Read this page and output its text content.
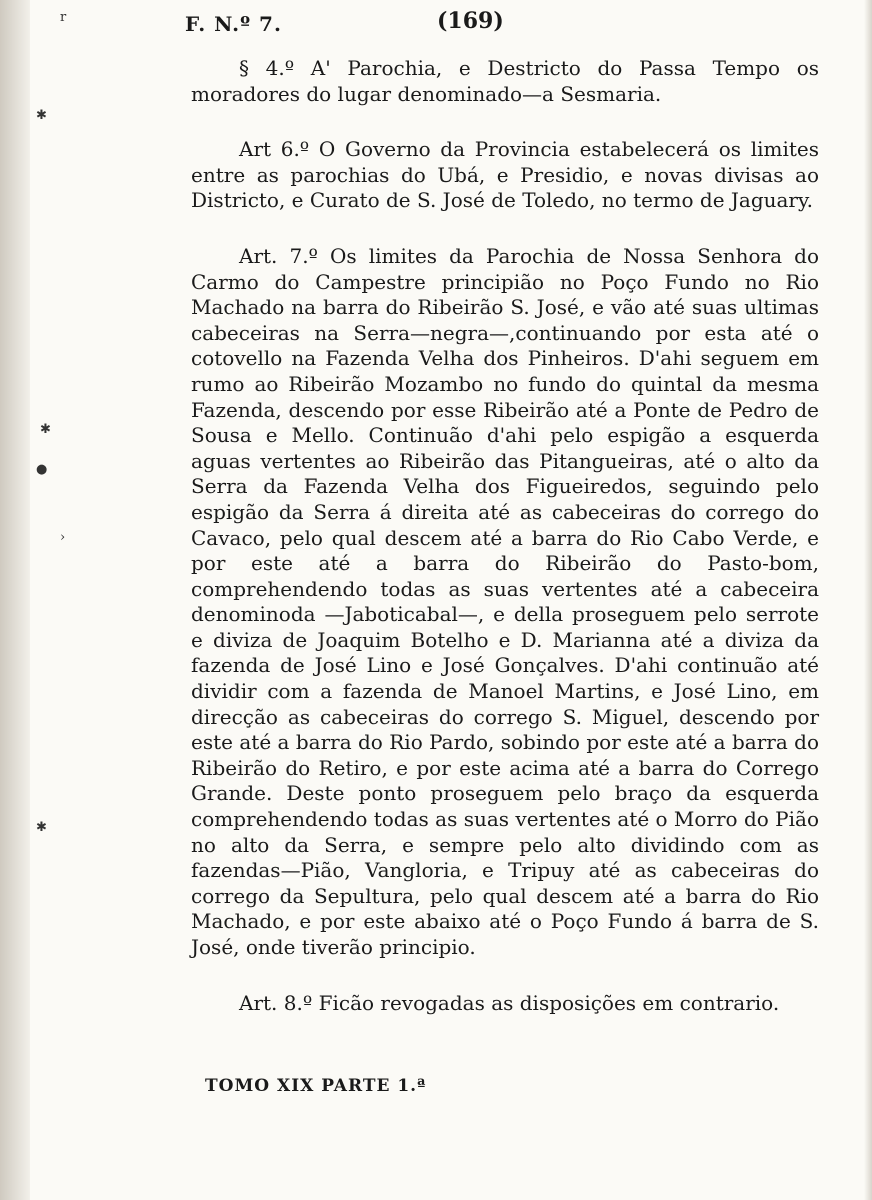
r
✱
✱
●
›
✱
F. N.º 7.	(169)

§ 4.º A' Parochia, e Destricto do Passa Tempo os moradores do lugar denominado—a Sesmaria.

Art 6.º O Governo da Provincia estabelecerá os limites entre as parochias do Ubá, e Presidio, e novas divisas ao Districto, e Curato de S. José de Toledo, no termo de Jaguary.

Art. 7.º Os limites da Parochia de Nossa Senhora do Carmo do Campestre principião no Poço Fundo no Rio Machado na barra do Ribeirão S. José, e vão até suas ultimas cabeceiras na Serra—negra—,continuando por esta até o cotovello na Fazenda Velha dos Pinheiros. D'ahi seguem em rumo ao Ribeirão Mozambo no fundo do quintal da mesma Fazenda, descendo por esse Ribeirão até a Ponte de Pedro de Sousa e Mello. Continuão d'ahi pelo espigão a esquerda aguas vertentes ao Ribeirão das Pitangueiras, até o alto da Serra da Fazenda Velha dos Figueiredos, seguindo pelo espigão da Serra á direita até as cabeceiras do corrego do Cavaco, pelo qual descem até a barra do Rio Cabo Verde, e por este até a barra do Ribeirão do Pasto-bom, comprehendendo todas as suas vertentes até a cabeceira denominoda —Jaboticabal—, e della proseguem pelo serrote e diviza de Joaquim Botelho e D. Marianna até a diviza da fazenda de José Lino e José Gonçalves. D'ahi continuão até dividir com a fazenda de Manoel Martins, e José Lino, em direcção as cabeceiras do corrego S. Miguel, descendo por este até a barra do Rio Pardo, sobindo por este até a barra do Ribeirão do Retiro, e por este acima até a barra do Corrego Grande. Deste ponto proseguem pelo braço da esquerda comprehendendo todas as suas vertentes até o Morro do Pião no alto da Serra, e sempre pelo alto dividindo com as fazendas—Pião, Vangloria, e Tripuy até as cabeceiras do corrego da Sepultura, pelo qual descem até a barra do Rio Machado, e por este abaixo até o Poço Fundo á barra de S. José, onde tiverão principio.

Art. 8.º Ficão revogadas as disposições em contrario.

TOMO XIX PARTE 1.ª
